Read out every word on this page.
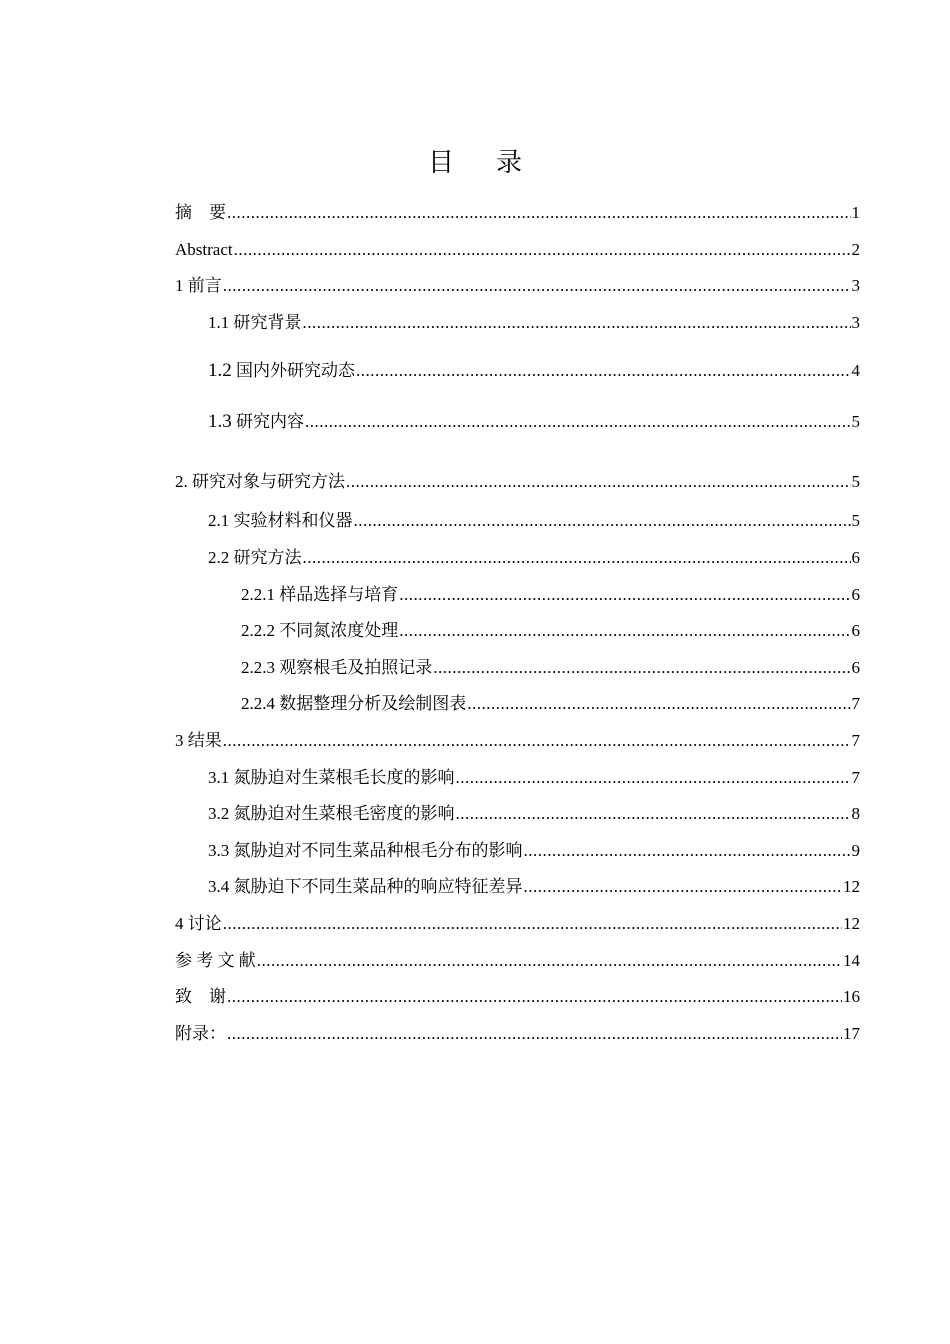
目 录
摘　要 .....	1
Abstract .....	2
1 前言 .....	3
1.1 研究背景 .....	3
1.2 国内外研究动态 .....	4
1.3 研究内容 .....	5
2. 研究对象与研究方法 .....	5
2.1 实验材料和仪器 .....	5
2.2 研究方法 .....	6
2.2.1 样品选择与培育 .....	6
2.2.2 不同氮浓度处理 .....	6
2.2.3 观察根毛及拍照记录 .....	6
2.2.4 数据整理分析及绘制图表 .....	7
3 结果 .....	7
3.1 氮胁迫对生菜根毛长度的影响 .....	7
3.2 氮胁迫对生菜根毛密度的影响 .....	8
3.3 氮胁迫对不同生菜品种根毛分布的影响 .....	9
3.4 氮胁迫下不同生菜品种的响应特征差异 .....	12
4 讨论 .....	12
参 考 文 献 .....	14
致　谢 .....	16
附录： .....	17
